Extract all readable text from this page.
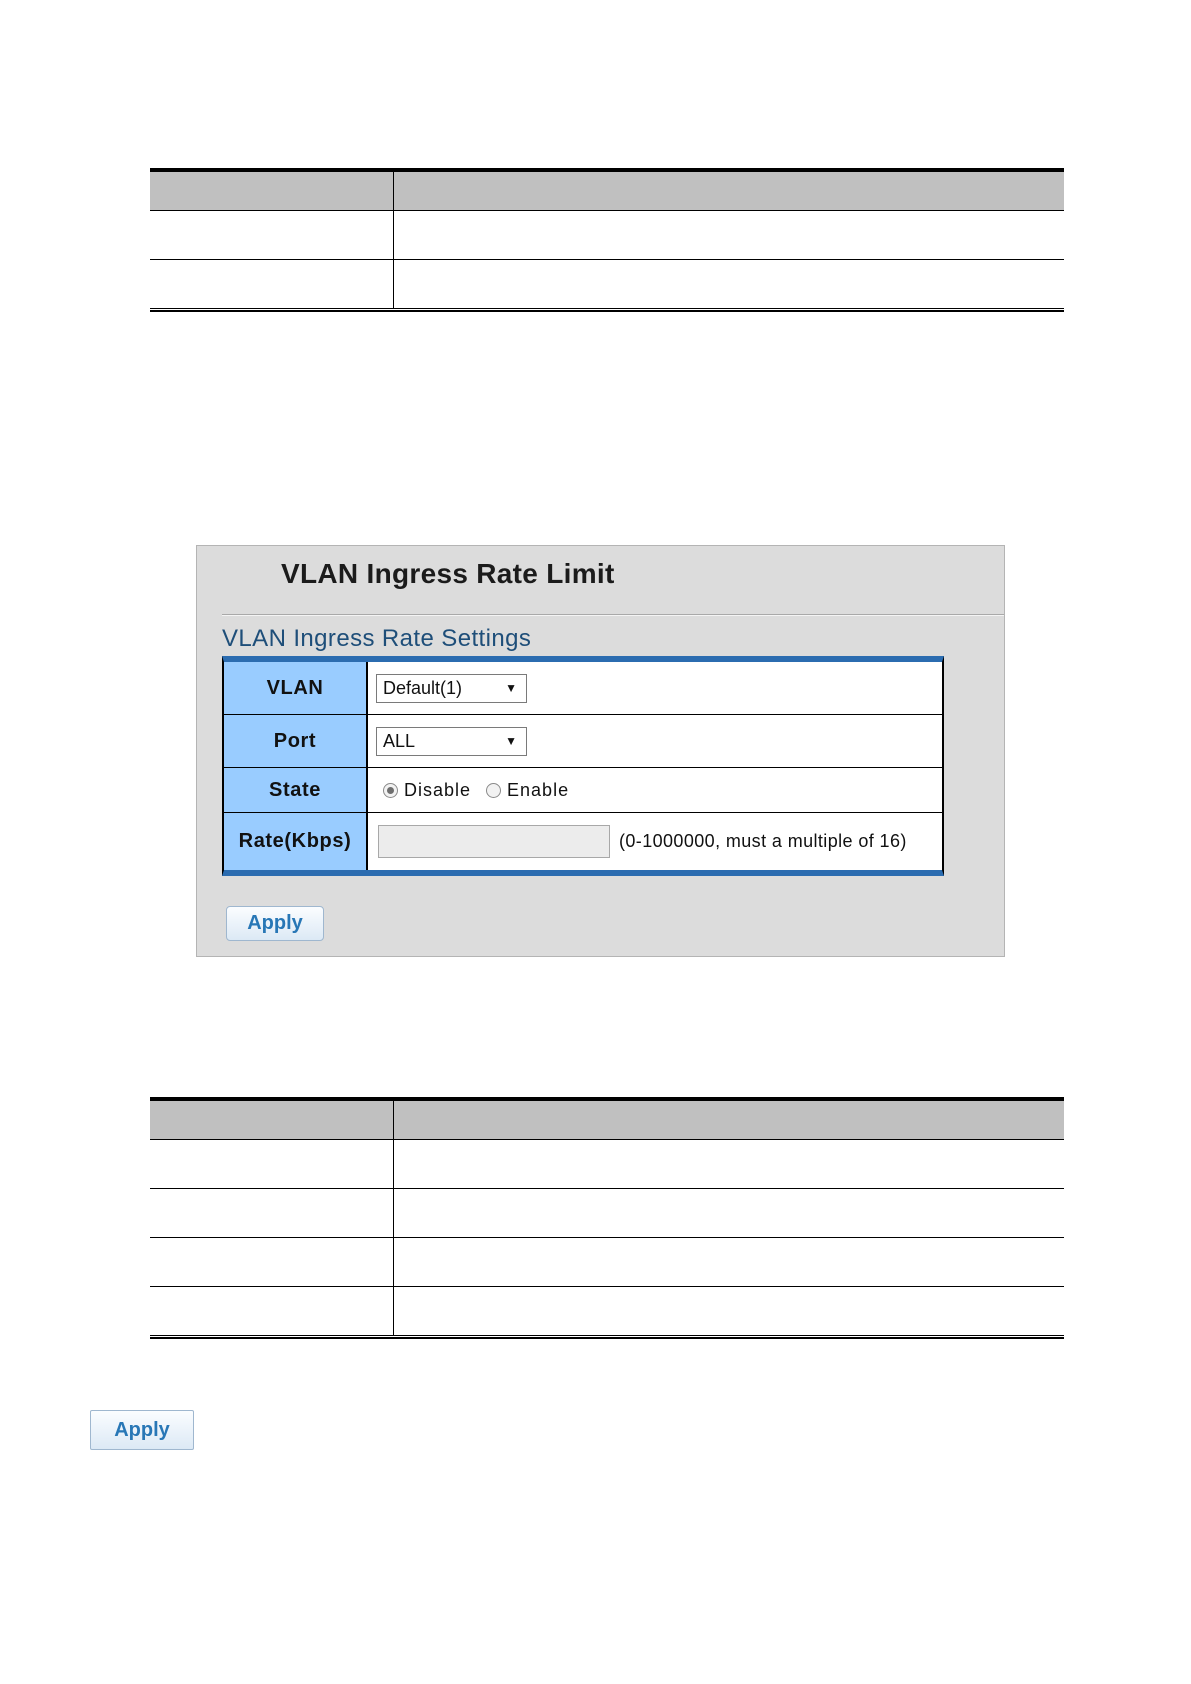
VLAN Ingress Rate Limit
VLAN Ingress Rate Settings
VLAN	Default(1)	▼
Port	ALL	▼
State	Disable Enable
Rate(Kbps)	(0-1000000, must a multiple of 16)
Apply
Apply
